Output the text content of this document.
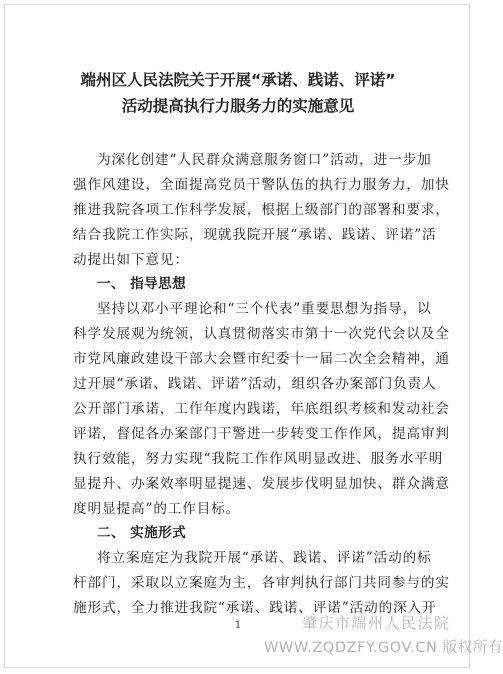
端州区人民法院关于开展“承诺、践诺、评诺”
活动提高执行力服务力的实施意见
为深化创建“人民群众满意服务窗口”活动，进一步加
强作风建设，全面提高党员干警队伍的执行力服务力，加快
推进我院各项工作科学发展，根据上级部门的部署和要求，
结合我院工作实际，现就我院开展“承诺、践诺、评诺”活
动提出如下意见：
一、 指导思想
坚持以邓小平理论和“三个代表”重要思想为指导，以
科学发展观为统领，认真贯彻落实市第十一次党代会以及全
市党风廉政建设干部大会暨市纪委十一届二次全会精神，通
过开展“承诺、践诺、评诺”活动，组织各办案部门负责人
公开部门承诺，工作年度内践诺，年底组织考核和发动社会
评诺，督促各办案部门干警进一步转变工作作风，提高审判
执行效能，努力实现“我院工作作风明显改进、服务水平明
显提升、办案效率明显提速、发展步伐明显加快、群众满意
度明显提高”的工作目标。
二、 实施形式
将立案庭定为我院开展“承诺、践诺、评诺”活动的标
杆部门，采取以立案庭为主，各审判执行部门共同参与的实
施形式，全力推进我院“承诺、践诺、评诺”活动的深入开
1	肇庆市端州人民法院
WWW.ZQDZFY.GOV.CN 版权所有
